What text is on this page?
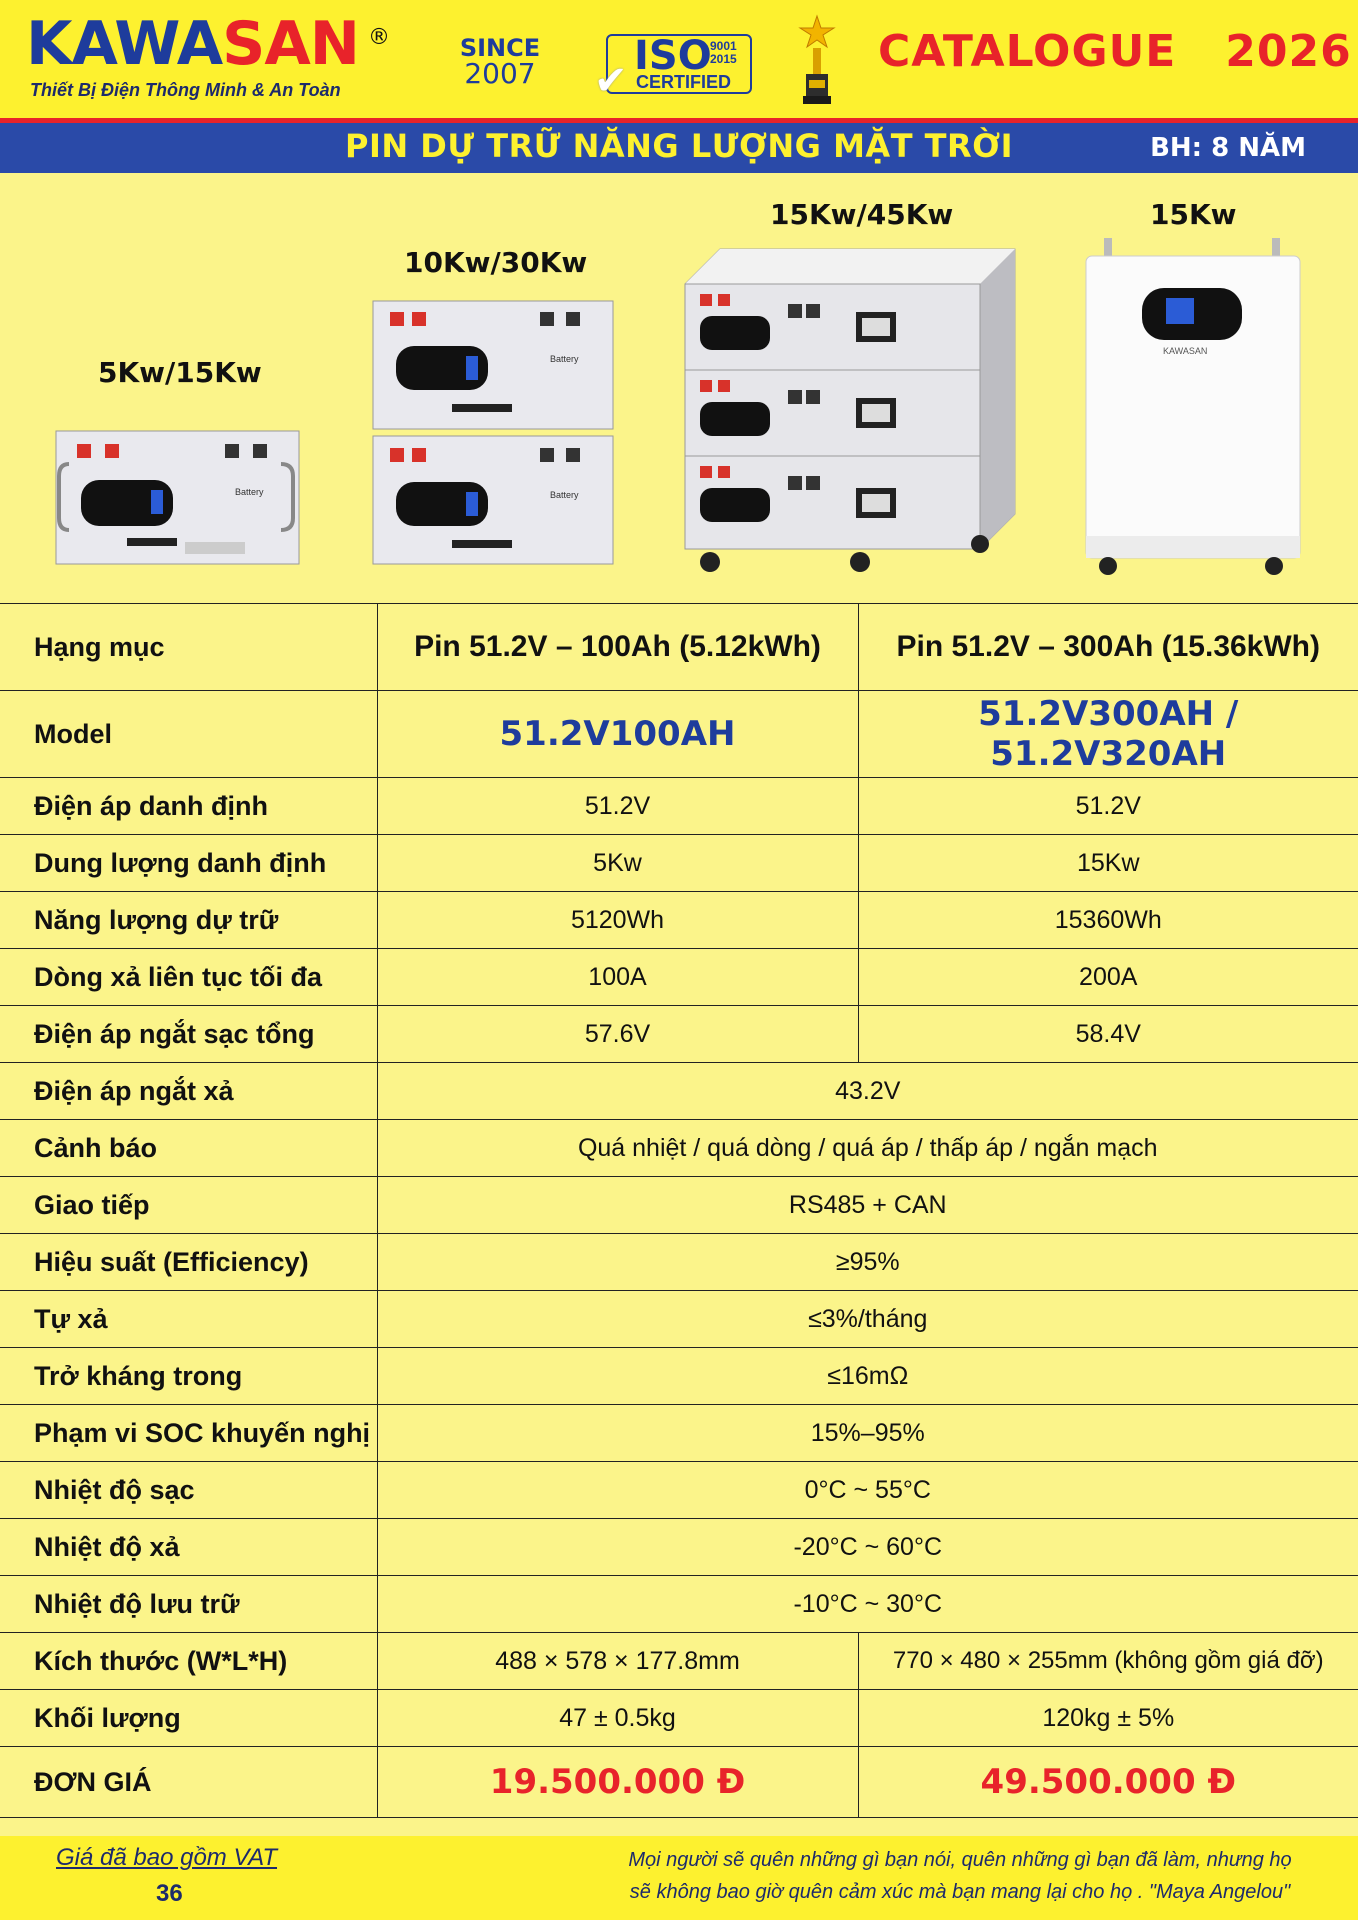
KAWASAN ®
Thiết Bị Điện Thông Minh & An Toàn
SINCE
2007 ✔
ISO
9001
2015
CERTIFIED
CATALOGUE   2026
PIN DỰ TRỮ NĂNG LƯỢNG MẶT TRỜI	BH: 8 NĂM
5Kw/15Kw
10Kw/30Kw
15Kw/45Kw	15Kw
Battery
Battery
Battery
KAWASAN
Hạng mục	Pin 51.2V – 100Ah (5.12kWh)	Pin 51.2V – 300Ah (15.36kWh)
Model	51.2V100AH	51.2V300AH / 51.2V320AH
Điện áp danh định	51.2V	51.2V
Dung lượng danh định	5Kw	15Kw
Năng lượng dự trữ	5120Wh	15360Wh
Dòng xả liên tục tối đa	100A	200A
Điện áp ngắt sạc tổng	57.6V	58.4V
Điện áp ngắt xả	43.2V	
Cảnh báo	Quá nhiệt / quá dòng / quá áp / thấp áp / ngắn mạch	
Giao tiếp	RS485 + CAN	
Hiệu suất (Efficiency)	≥95%	
Tự xả	≤3%/tháng	
Trở kháng trong	≤16mΩ	
Phạm vi SOC khuyến nghị	15%–95%	
Nhiệt độ sạc	0°C ~ 55°C	
Nhiệt độ xả	-20°C ~ 60°C	
Nhiệt độ lưu trữ	-10°C ~ 30°C	
Kích thước (W*L*H)	488 × 578 × 177.8mm	770 × 480 × 255mm (không gồm giá đỡ)
Khối lượng	47 ± 0.5kg	120kg ± 5%
ĐƠN GIÁ	19.500.000 Đ	49.500.000 Đ
Giá đã bao gồm VAT
36
Mọi người sẽ quên những gì bạn nói, quên những gì bạn đã làm, nhưng họ
sẽ không bao giờ quên cảm xúc mà bạn mang lại cho họ . "Maya Angelou"
